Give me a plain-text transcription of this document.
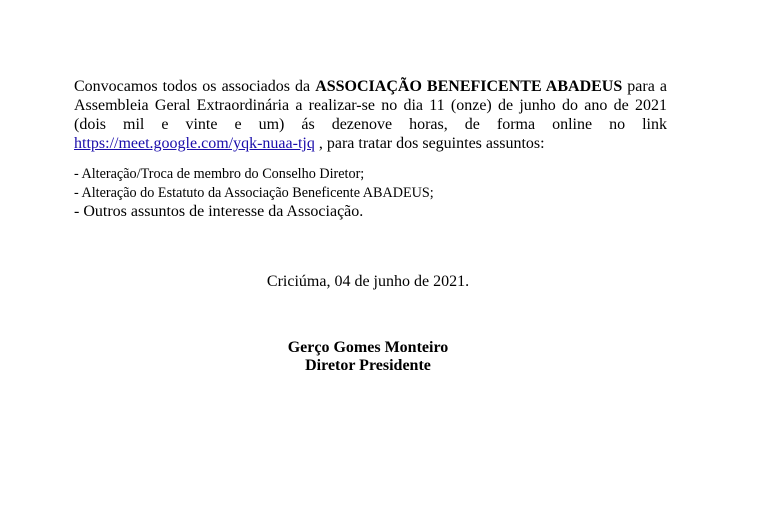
Convocamos todos os associados da ASSOCIAÇÃO BENEFICENTE ABADEUS para a Assembleia Geral Extraordinária a realizar-se no dia 11 (onze) de junho do ano de 2021 (dois mil e vinte e um) ás dezenove horas, de forma online no link https://meet.google.com/yqk-nuaa-tjq , para tratar dos seguintes assuntos:

- Alteração/Troca de membro do Conselho Diretor;
- Alteração do Estatuto da Associação Beneficente ABADEUS;
- Outros assuntos de interesse da Associação.

Criciúma, 04 de junho de 2021.

Gerço Gomes Monteiro
Diretor Presidente
